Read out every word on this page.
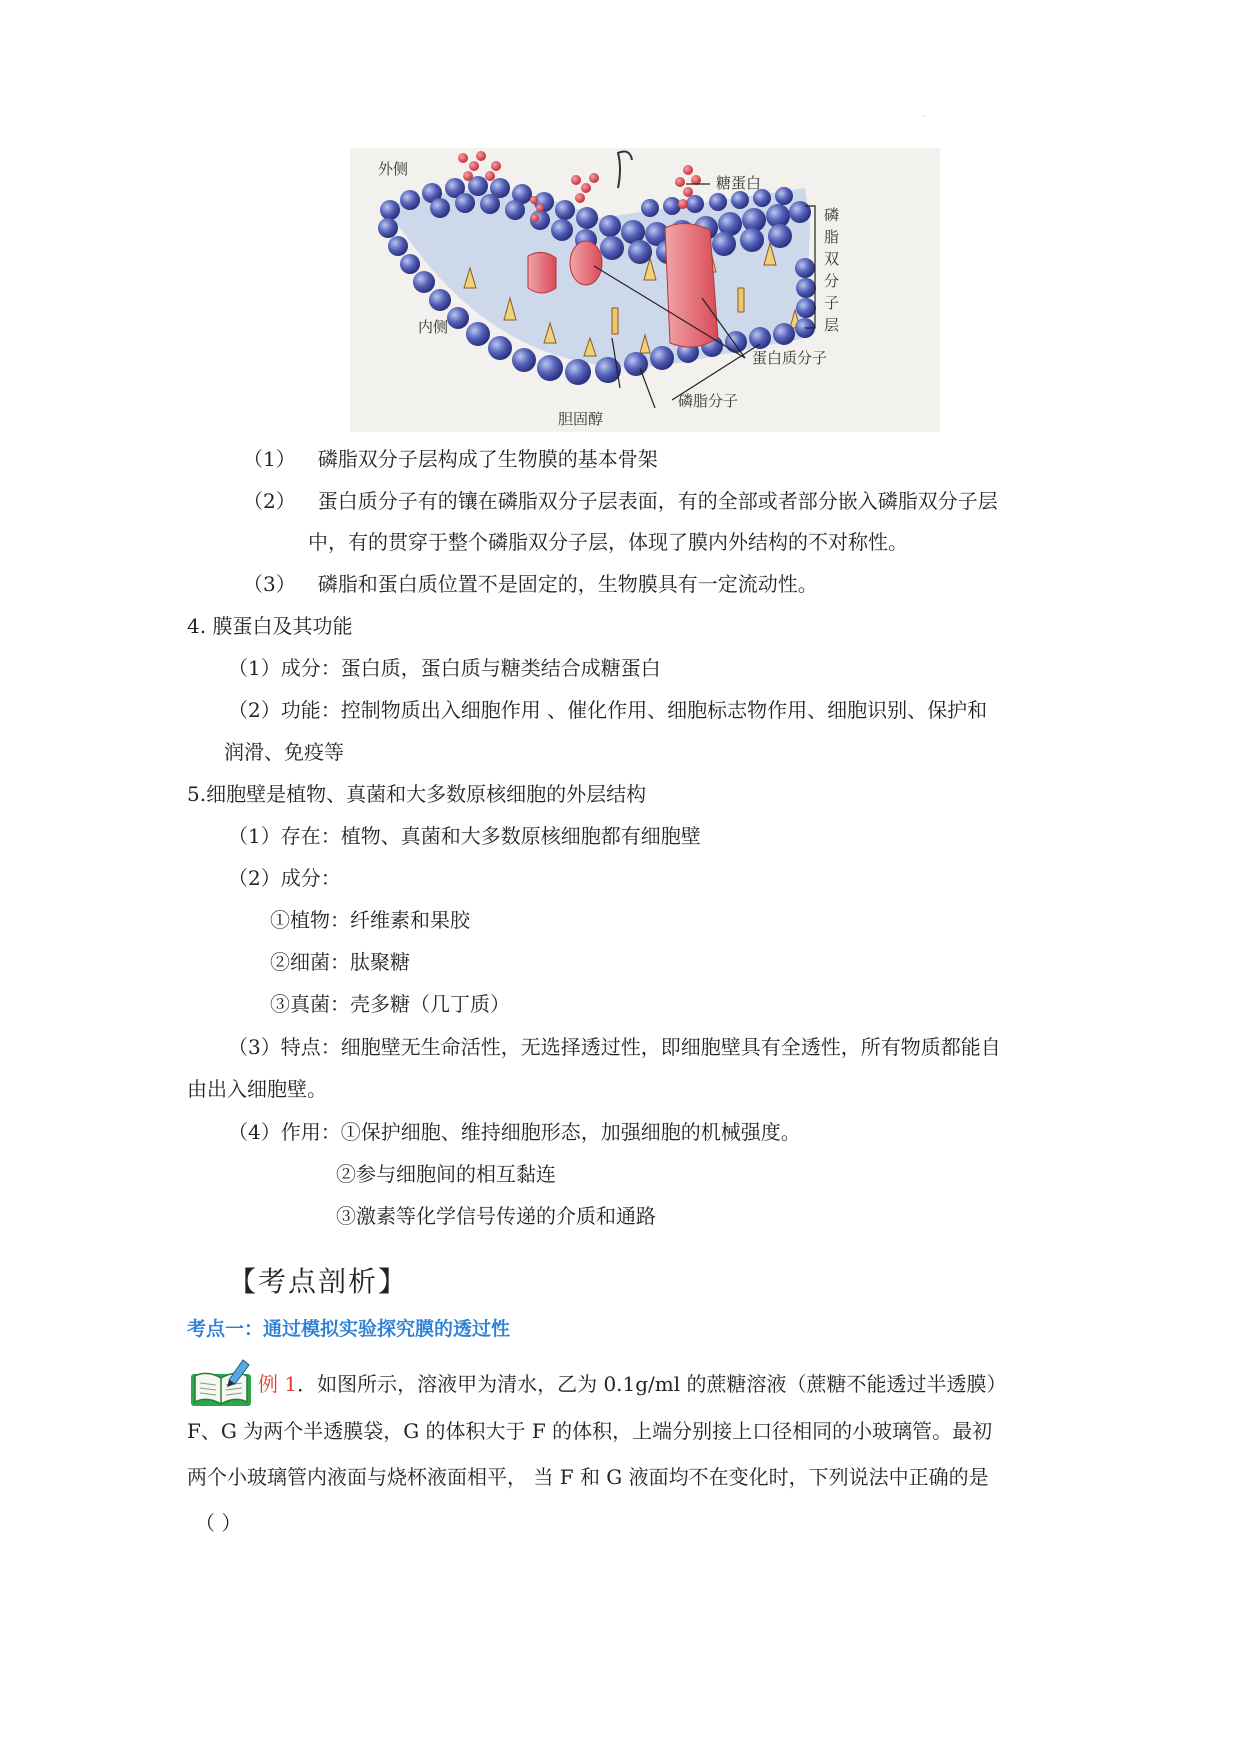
·
外侧
内侧
糖蛋白
磷
脂
双
分
子
层
蛋白质分子
磷脂分子
胆固醇
（1） 磷脂双分子层构成了生物膜的基本骨架
（2） 蛋白质分子有的镶在磷脂双分子层表面，有的全部或者部分嵌入磷脂双分子层
中，有的贯穿于整个磷脂双分子层，体现了膜内外结构的不对称性。
（3） 磷脂和蛋白质位置不是固定的，生物膜具有一定流动性。
4. 膜蛋白及其功能
（1）成分：蛋白质，蛋白质与糖类结合成糖蛋白
（2）功能：控制物质出入细胞作用 、催化作用、细胞标志物作用、细胞识别、保护和
润滑、免疫等
5.细胞壁是植物、真菌和大多数原核细胞的外层结构
（1）存在：植物、真菌和大多数原核细胞都有细胞壁
（2）成分：
①植物：纤维素和果胶
②细菌：肽聚糖
③真菌：壳多糖（几丁质）
（3）特点：细胞壁无生命活性，无选择透过性，即细胞壁具有全透性，所有物质都能自
由出入细胞壁。
（4）作用：①保护细胞、维持细胞形态，加强细胞的机械强度。
②参与细胞间的相互黏连
③激素等化学信号传递的介质和通路
【考点剖析】
考点一：通过模拟实验探究膜的透过性
例 1．如图所示，溶液甲为清水，乙为 0.1g/ml 的蔗糖溶液（蔗糖不能透过半透膜）
F、G 为两个半透膜袋，G 的体积大于 F 的体积，上端分别接上口径相同的小玻璃管。最初
两个小玻璃管内液面与烧杯液面相平， 当 F 和 G 液面均不在变化时，下列说法中正确的是
（ ）
